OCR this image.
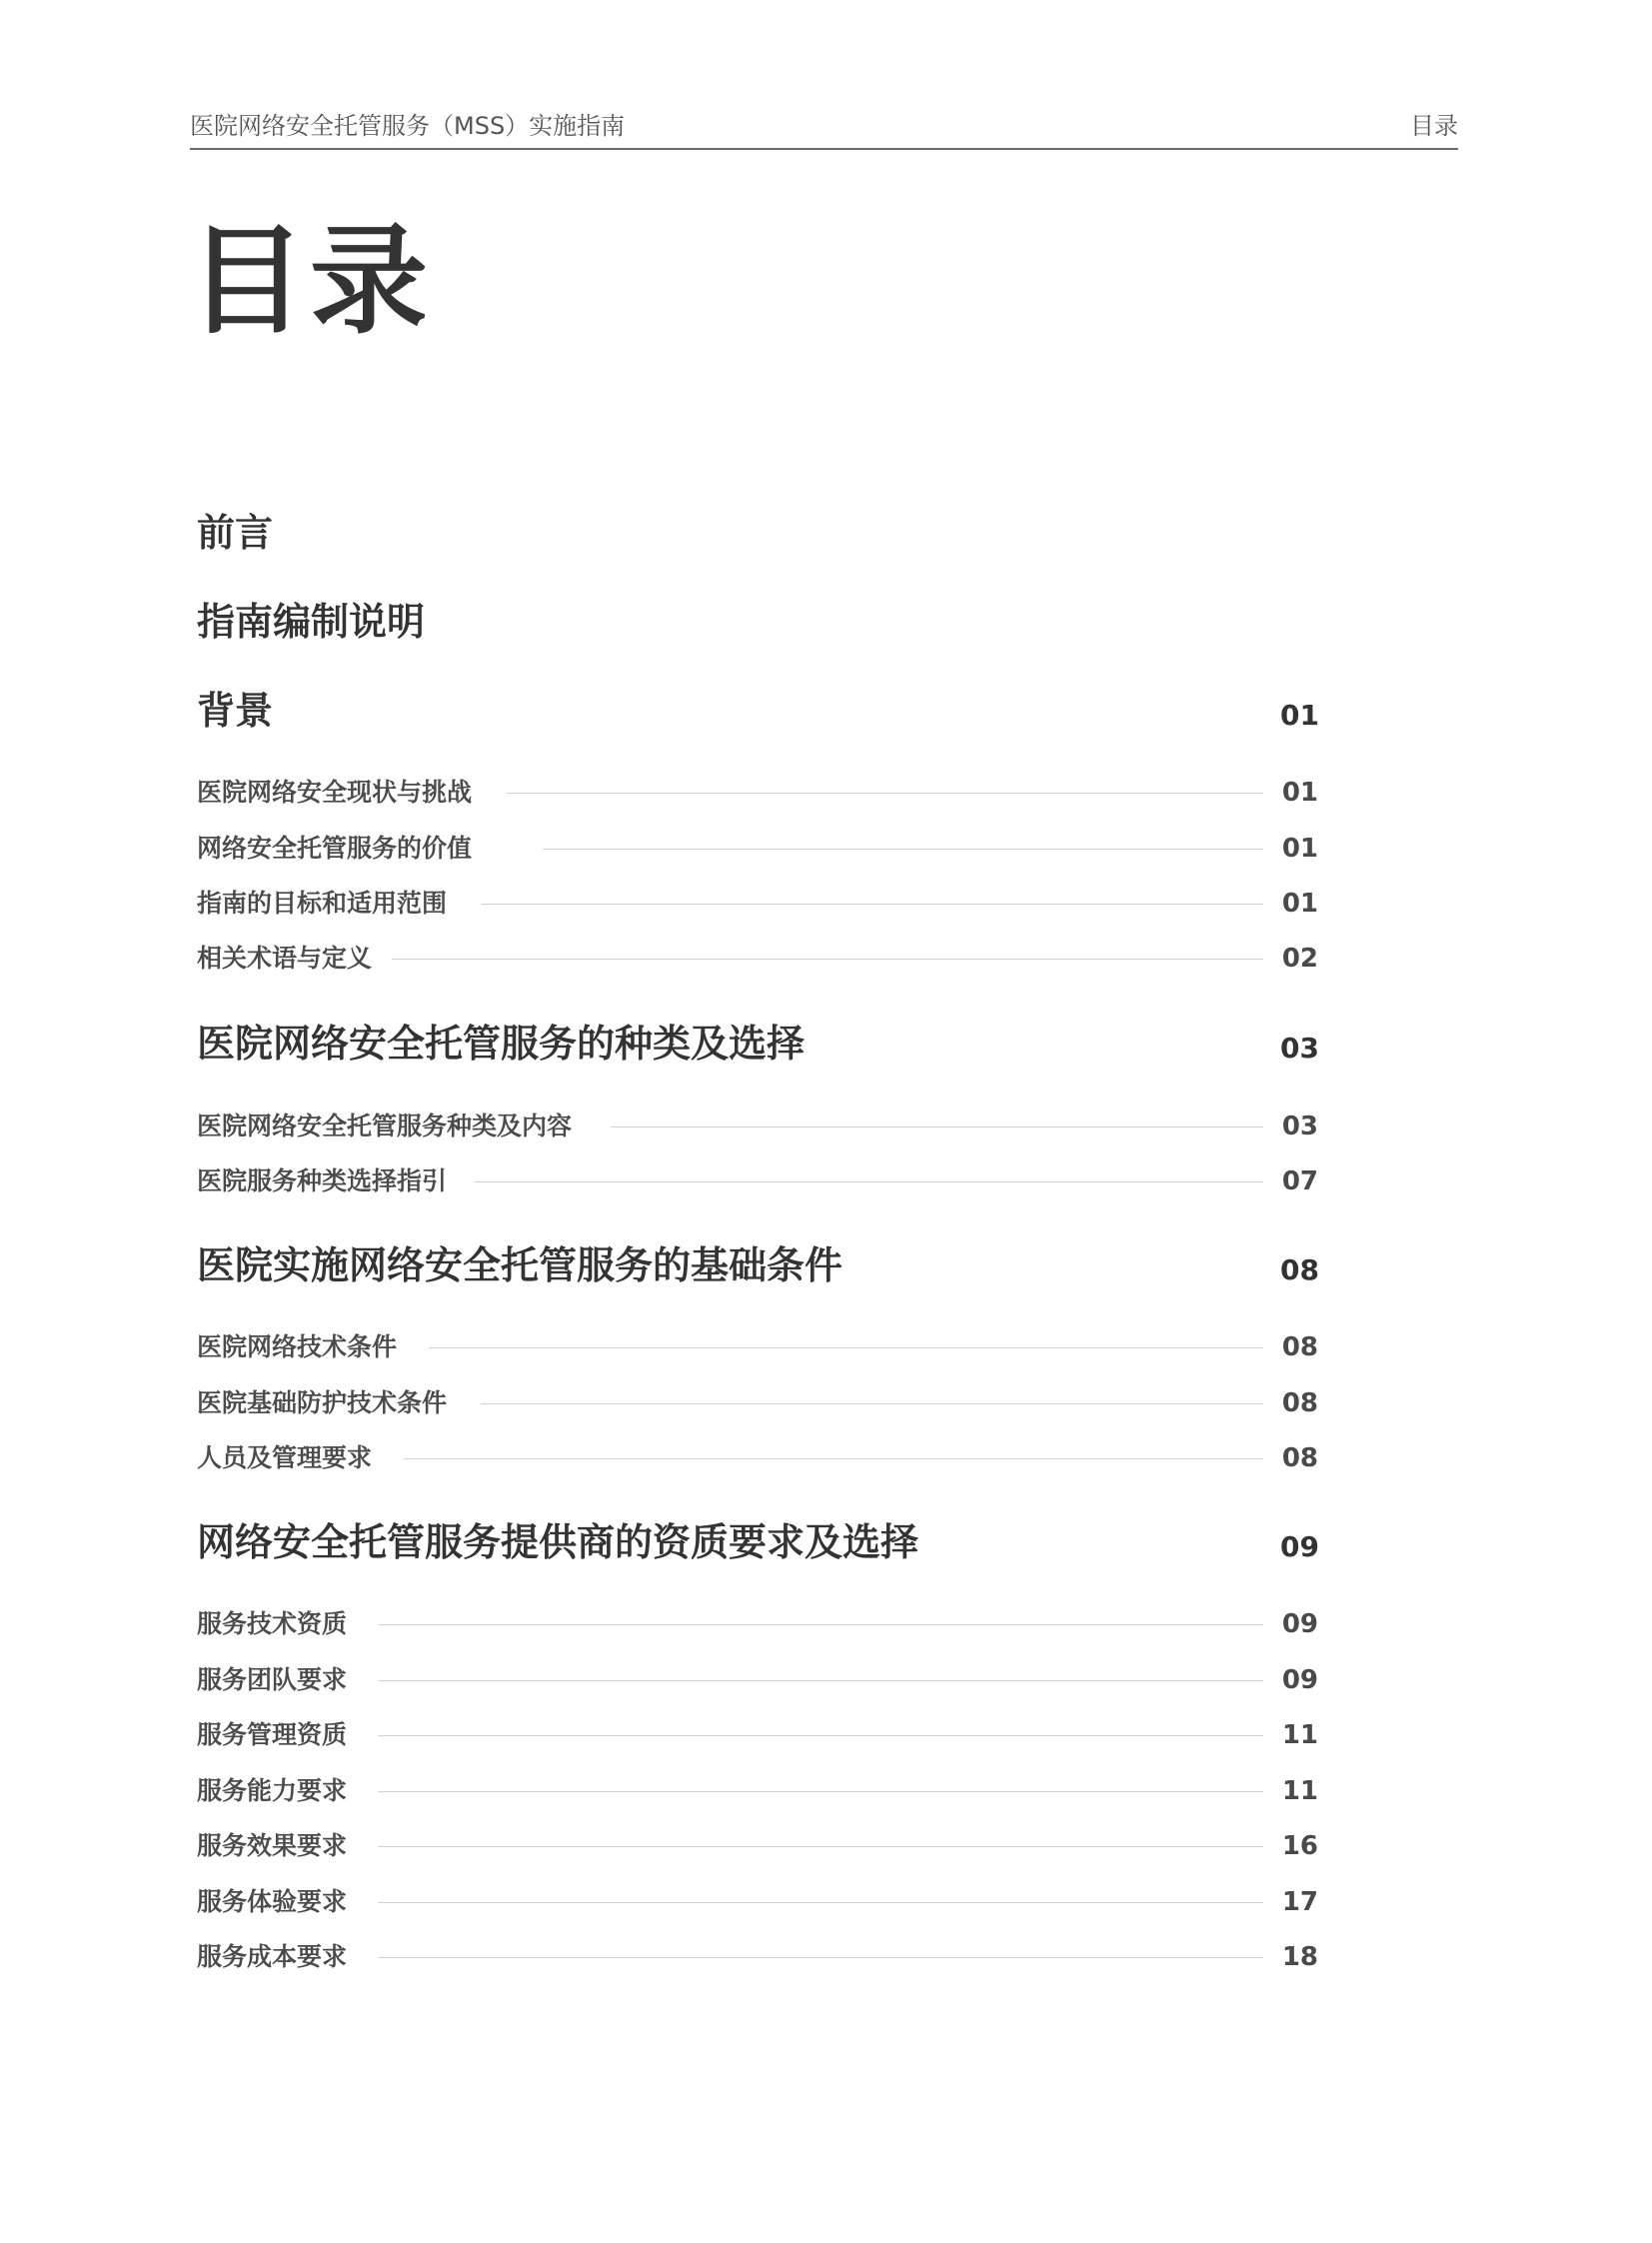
医院网络安全托管服务（MSS）实施指南	目录
目录
前言
指南编制说明
背景	01
医院网络安全现状与挑战	01
网络安全托管服务的价值	01
指南的目标和适用范围	01
相关术语与定义	02
医院网络安全托管服务的种类及选择	03
医院网络安全托管服务种类及内容	03
医院服务种类选择指引	07
医院实施网络安全托管服务的基础条件	08
医院网络技术条件	08
医院基础防护技术条件	08
人员及管理要求	08
网络安全托管服务提供商的资质要求及选择	09
服务技术资质	09
服务团队要求	09
服务管理资质	11
服务能力要求	11
服务效果要求	16
服务体验要求	17
服务成本要求	18
